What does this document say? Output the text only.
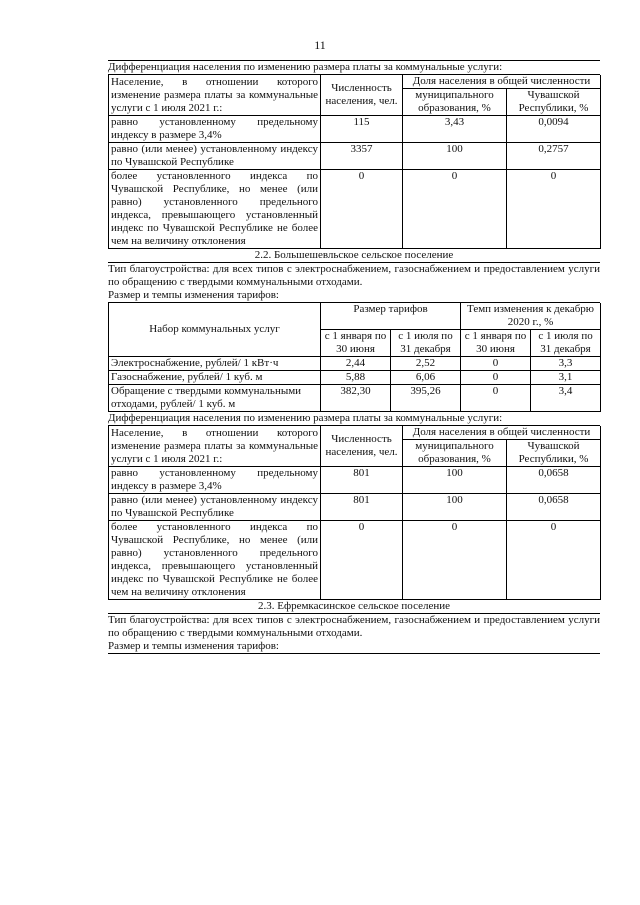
11
Дифференциация населения по изменению размера платы за коммунальные услуги:
Население, в отношении которого изменение размера платы за коммунальные услуги с 1 июля 2021 г.:	Численность населения, чел.	Доля населения в общей численности	
		муниципального образования, %	Чувашской Республики, %
равно установленному предельному индексу в размере 3,4%	115	3,43	0,0094
равно (или менее) установленному индексу по Чувашской Республике	3357	100	0,2757
более установленного индекса по Чувашской Республике, но менее (или равно) установленного предельного индекса, превышающего установленный индекс по Чувашской Республике не более чем на величину отклонения	0	0	0
2.2. Большешевльское сельское поселение
Тип благоустройства: для всех типов с электроснабжением, газоснабжением и предоставлением услуги по обращению с твердыми коммунальными отходами.
Размер и темпы изменения тарифов:
Набор коммунальных услуг	Размер тарифов		Темп изменения к декабрю 2020 г., %	
	с 1 января по 30 июня	с 1 июля по 31 декабря	с 1 января по 30 июня	с 1 июля по 31 декабря
Электроснабжение, рублей/ 1 кВт·ч	2,44	2,52	0	3,3
Газоснабжение, рублей/ 1 куб. м	5,88	6,06	0	3,1
Обращение с твердыми коммунальными отходами, рублей/ 1 куб. м	382,30	395,26	0	3,4
Дифференциация населения по изменению размера платы за коммунальные услуги:
Население, в отношении которого изменение размера платы за коммунальные услуги с 1 июля 2021 г.:	Численность населения, чел.	Доля населения в общей численности	
		муниципального образования, %	Чувашской Республики, %
равно установленному предельному индексу в размере 3,4%	801	100	0,0658
равно (или менее) установленному индексу по Чувашской Республике	801	100	0,0658
более установленного индекса по Чувашской Республике, но менее (или равно) установленного предельного индекса, превышающего установленный индекс по Чувашской Республике не более чем на величину отклонения	0	0	0
2.3. Ефремкасинское сельское поселение
Тип благоустройства: для всех типов с электроснабжением, газоснабжением и предоставлением услуги по обращению с твердыми коммунальными отходами.
Размер и темпы изменения тарифов:
